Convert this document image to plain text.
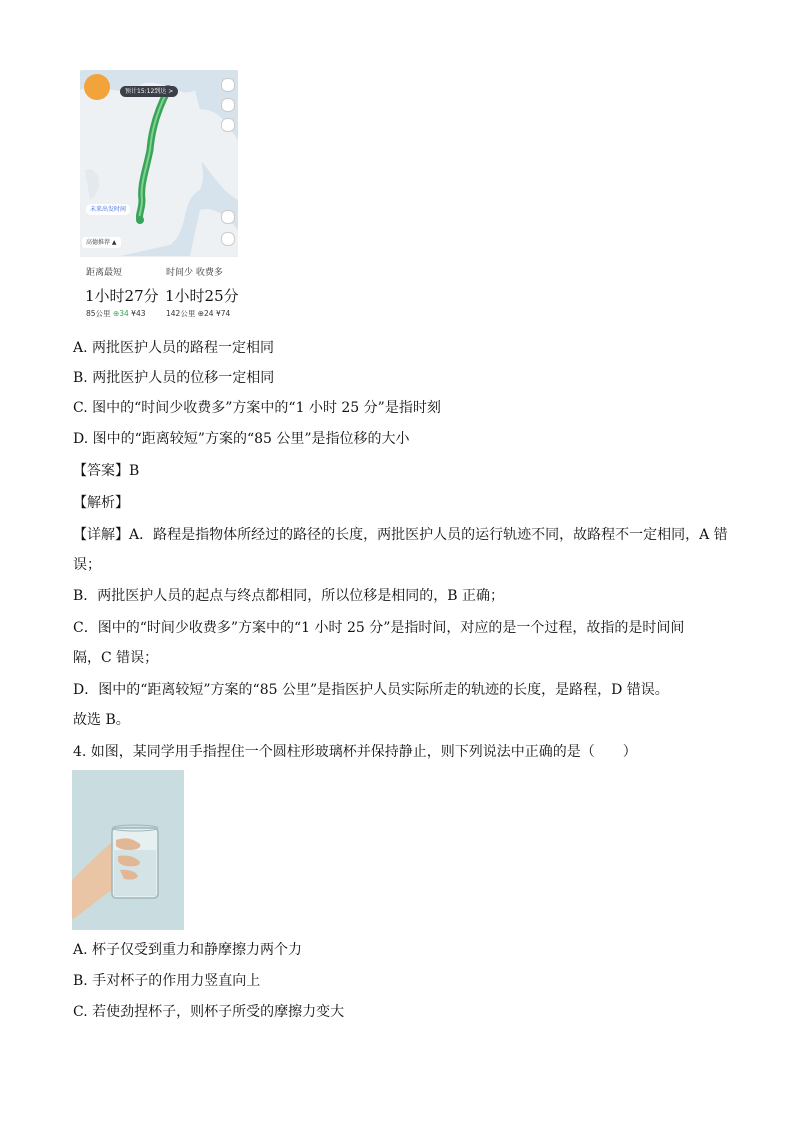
预计15:12到达 >
未来出发时间
高德推荐 ▲
距离最短
1小时27分
85公里 ⊕34 ¥43
时间少 收费多
1小时25分
142公里 ⊕24 ¥74
A. 两批医护人员的路程一定相同
B. 两批医护人员的位移一定相同
C. 图中的“时间少收费多”方案中的“1 小时 25 分”是指时刻
D. 图中的“距离较短”方案的“85 公里”是指位移的大小
【答案】B
【解析】
【详解】A．路程是指物体所经过的路径的长度，两批医护人员的运行轨迹不同，故路程不一定相同，A 错
误；
B．两批医护人员的起点与终点都相同，所以位移是相同的，B 正确；
C．图中的“时间少收费多”方案中的“1 小时 25 分”是指时间，对应的是一个过程，故指的是时间间
隔，C 错误；
D．图中的“距离较短”方案的“85 公里”是指医护人员实际所走的轨迹的长度，是路程，D 错误。
故选 B。
4. 如图，某同学用手指捏住一个圆柱形玻璃杯并保持静止，则下列说法中正确的是（　　）
A. 杯子仅受到重力和静摩擦力两个力
B. 手对杯子的作用力竖直向上
C. 若使劲捏杯子，则杯子所受的摩擦力变大
